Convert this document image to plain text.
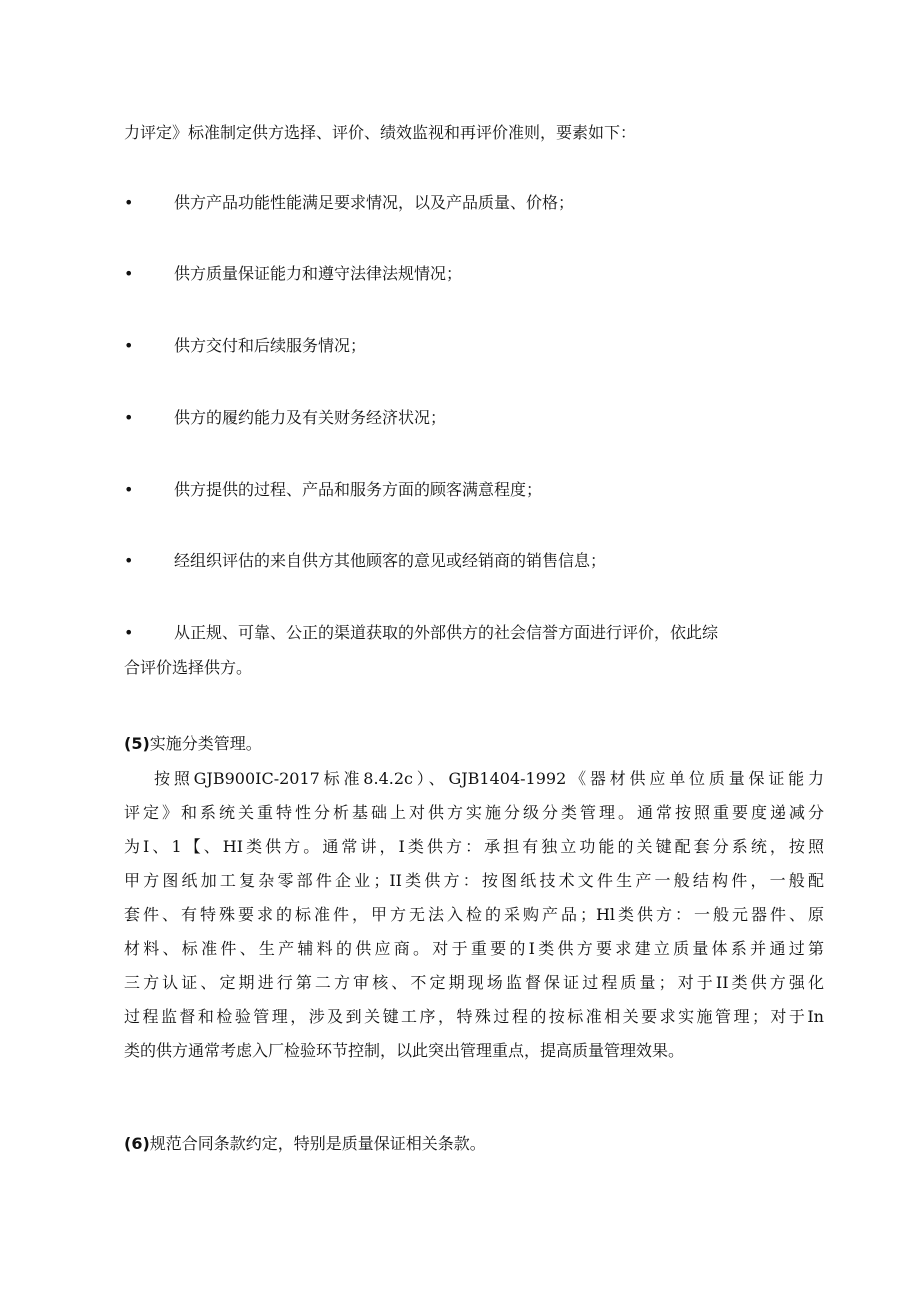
力评定》标准制定供方选择、评价、绩效监视和再评价准则，要素如下：
•	供方产品功能性能满足要求情况，以及产品质量、价格；
•	供方质量保证能力和遵守法律法规情况；
•	供方交付和后续服务情况；
•	供方的履约能力及有关财务经济状况；
•	供方提供的过程、产品和服务方面的顾客满意程度；
•	经组织评估的来自供方其他顾客的意见或经销商的销售信息；
•	从正规、可靠、公正的渠道获取的外部供方的社会信誉方面进行评价，依此综
合评价选择供方。
(5)实施分类管理。
按照GJB900IC-2017标准8.4.2c）、GJB1404-1992《器材供应单位质量保证能力
评定》和系统关重特性分析基础上对供方实施分级分类管理。通常按照重要度递减分
为I、1【、HI类供方。通常讲，I类供方：承担有独立功能的关键配套分系统，按照
甲方图纸加工复杂零部件企业；II类供方：按图纸技术文件生产一般结构件，一般配
套件、有特殊要求的标准件，甲方无法入检的采购产品；Hl类供方：一般元器件、原
材料、标准件、生产辅料的供应商。对于重要的I类供方要求建立质量体系并通过第
三方认证、定期进行第二方审核、不定期现场监督保证过程质量；对于II类供方强化
过程监督和检验管理，涉及到关键工序，特殊过程的按标准相关要求实施管理；对于In
类的供方通常考虑入厂检验环节控制，以此突出管理重点，提高质量管理效果。
(6)规范合同条款约定，特别是质量保证相关条款。
